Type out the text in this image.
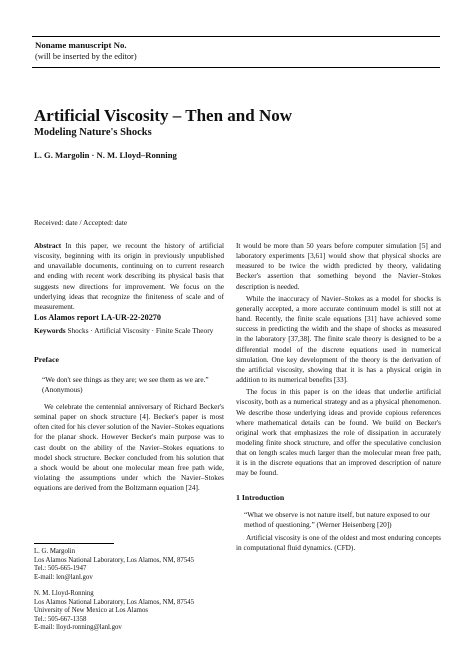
Noname manuscript No.
(will be inserted by the editor)
Artificial Viscosity – Then and Now
Modeling Nature's Shocks
L. G. Margolin · N. M. Lloyd–Ronning
Received: date / Accepted: date

Abstract In this paper, we recount the history of artificial viscosity, beginning with its origin in previously unpublished and unavailable documents, continuing on to current research and ending with recent work describing its physical basis that suggests new directions for improvement. We focus on the underlying ideas that recognize the finiteness of scale and of measurement.

Los Alamos report LA-UR-22-20270

Keywords Shocks · Artificial Viscosity · Finite Scale Theory

Preface

“We don't see things as they are; we see them as we are.” (Anonymous)

We celebrate the centennial anniversary of Richard Becker's seminal paper on shock structure [4]. Becker's paper is most often cited for his clever solution of the Navier–Stokes equations for the planar shock. However Becker's main purpose was to cast doubt on the ability of the Navier–Stokes equations to model shock structure. Becker concluded from his solution that a shock would be about one molecular mean free path wide, violating the assumptions under which the Navier–Stokes equations are derived from the Boltzmann equation [24].

L. G. Margolin

Los Alamos National Laboratory, Los Alamos, NM, 87545

Tel.: 505-665-1947

E-mail: len@lanl.gov

N. M. Lloyd-Ronning

Los Alamos National Laboratory, Los Alamos, NM, 87545

University of New Mexico at Los Alamos

Tel.: 505-667-1358

E-mail: lloyd-ronning@lanl.gov

It would be more than 50 years before computer simulation [5] and laboratory experiments [3,61] would show that physical shocks are measured to be twice the width predicted by theory, validating Becker's assertion that something beyond the Navier–Stokes description is needed.

While the inaccuracy of Navier–Stokes as a model for shocks is generally accepted, a more accurate continuum model is still not at hand. Recently, the finite scale equations [31] have achieved some success in predicting the width and the shape of shocks as measured in the laboratory [37,38]. The finite scale theory is designed to be a differential model of the discrete equations used in numerical simulation. One key development of the theory is the derivation of the artificial viscosity, showing that it is has a physical origin in addition to its numerical benefits [33].

The focus in this paper is on the ideas that underlie artificial viscosity, both as a numerical strategy and as a physical phenomenon. We describe those underlying ideas and provide copious references where mathematical details can be found. We build on Becker's original work that emphasizes the role of dissipation in accurately modeling finite shock structure, and offer the speculative conclusion that on length scales much larger than the molecular mean free path, it is in the discrete equations that an improved description of nature may be found.

1 Introduction

“What we observe is not nature itself, but nature exposed to our method of questioning.” (Werner Heisenberg [20])

Artificial viscosity is one of the oldest and most enduring concepts in computational fluid dynamics. (CFD).
